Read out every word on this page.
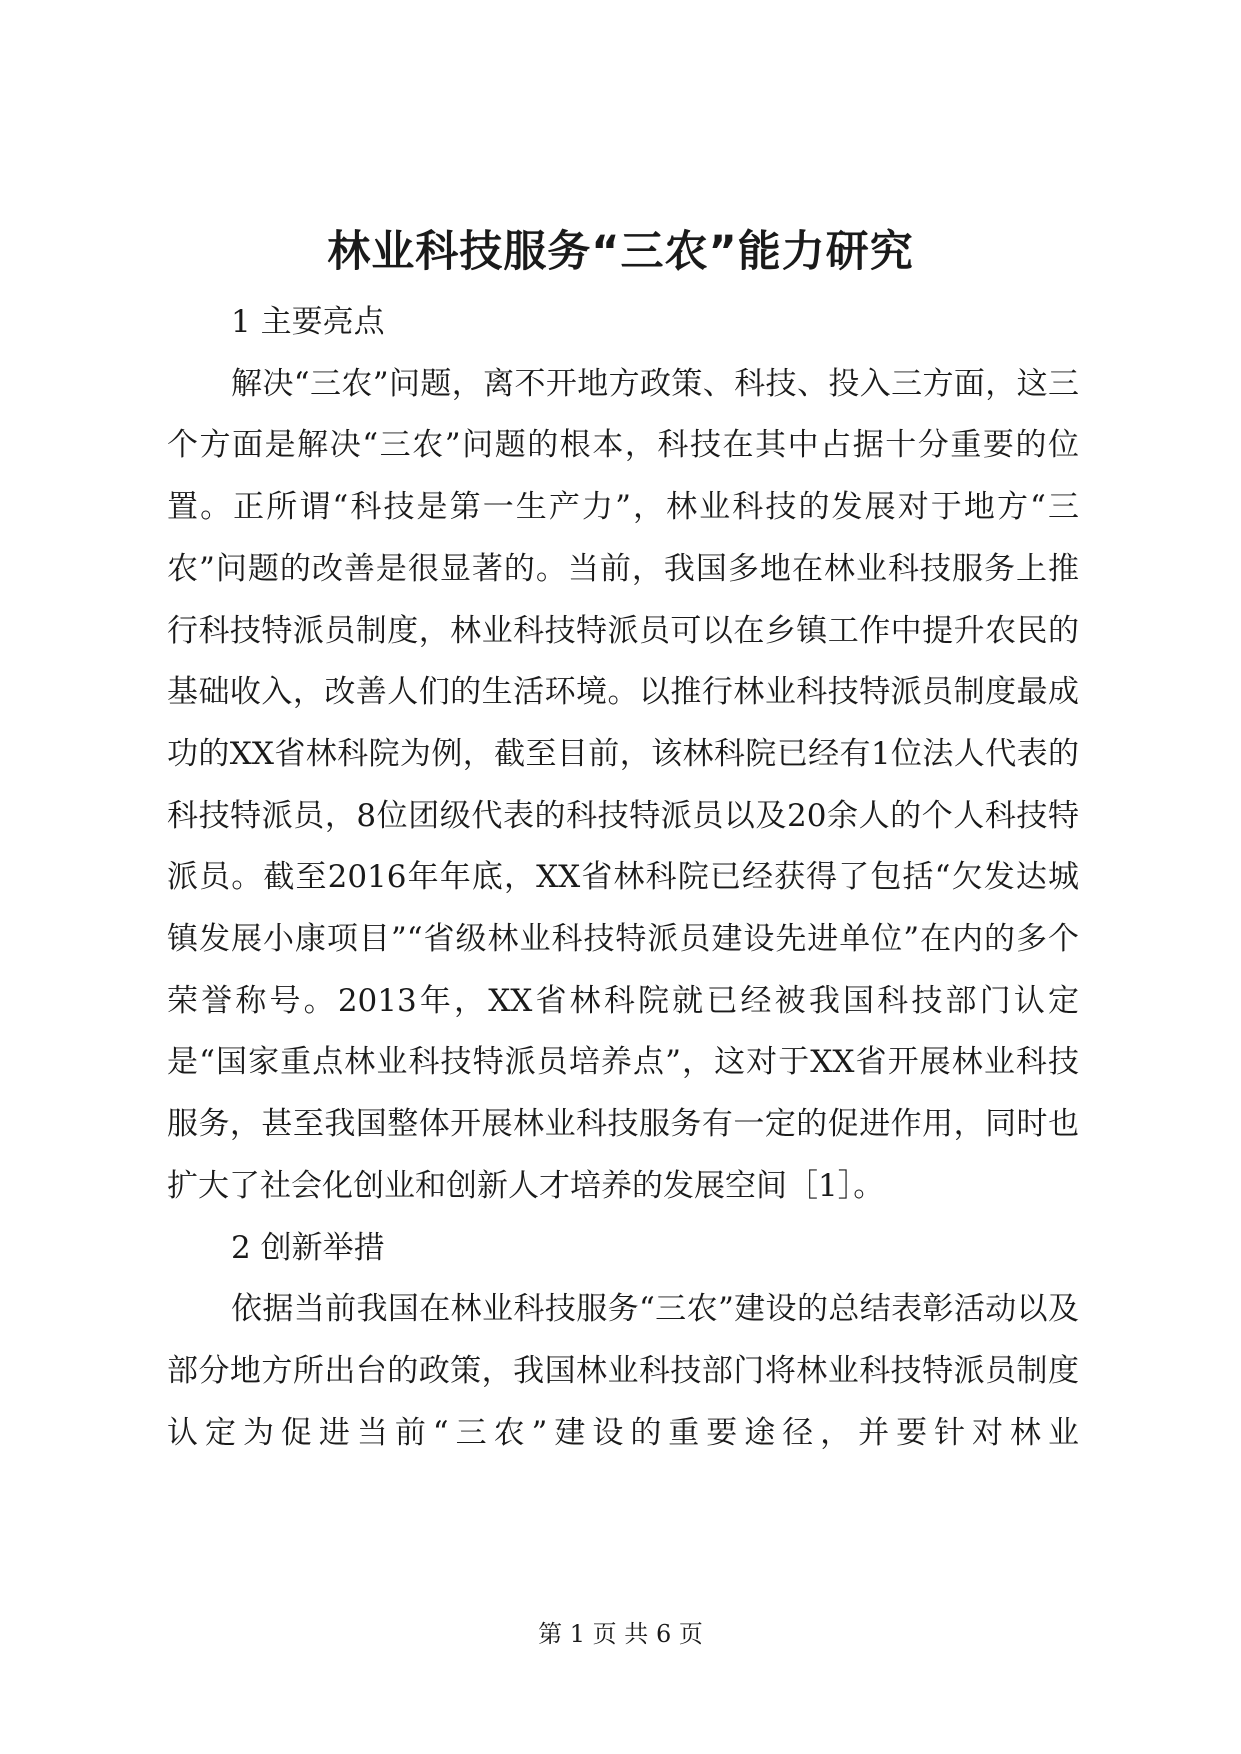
林业科技服务“三农”能力研究

1 主要亮点

解决“三农”问题，离不开地方政策、科技、投入三方面，这三个方面是解决“三农”问题的根本，科技在其中占据十分重要的位置。正所谓“科技是第一生产力”，林业科技的发展对于地方“三农”问题的改善是很显著的。当前，我国多地在林业科技服务上推行科技特派员制度，林业科技特派员可以在乡镇工作中提升农民的基础收入，改善人们的生活环境。以推行林业科技特派员制度最成功的XX省林科院为例，截至目前，该林科院已经有1位法人代表的科技特派员，8位团级代表的科技特派员以及20余人的个人科技特派员。截至2016年年底，XX省林科院已经获得了包括“欠发达城镇发展小康项目”“省级林业科技特派员建设先进单位”在内的多个荣誉称号。2013年，XX省林科院就已经被我国科技部门认定是“国家重点林业科技特派员培养点”，这对于XX省开展林业科技服务，甚至我国整体开展林业科技服务有一定的促进作用，同时也扩大了社会化创业和创新人才培养的发展空间［1］。

2 创新举措

依据当前我国在林业科技服务“三农”建设的总结表彰活动以及部分地方所出台的政策，我国林业科技部门将林业科技特派员制度认定为促进当前“三农”建设的重要途径，并要针对林业

第 1 页 共 6 页
